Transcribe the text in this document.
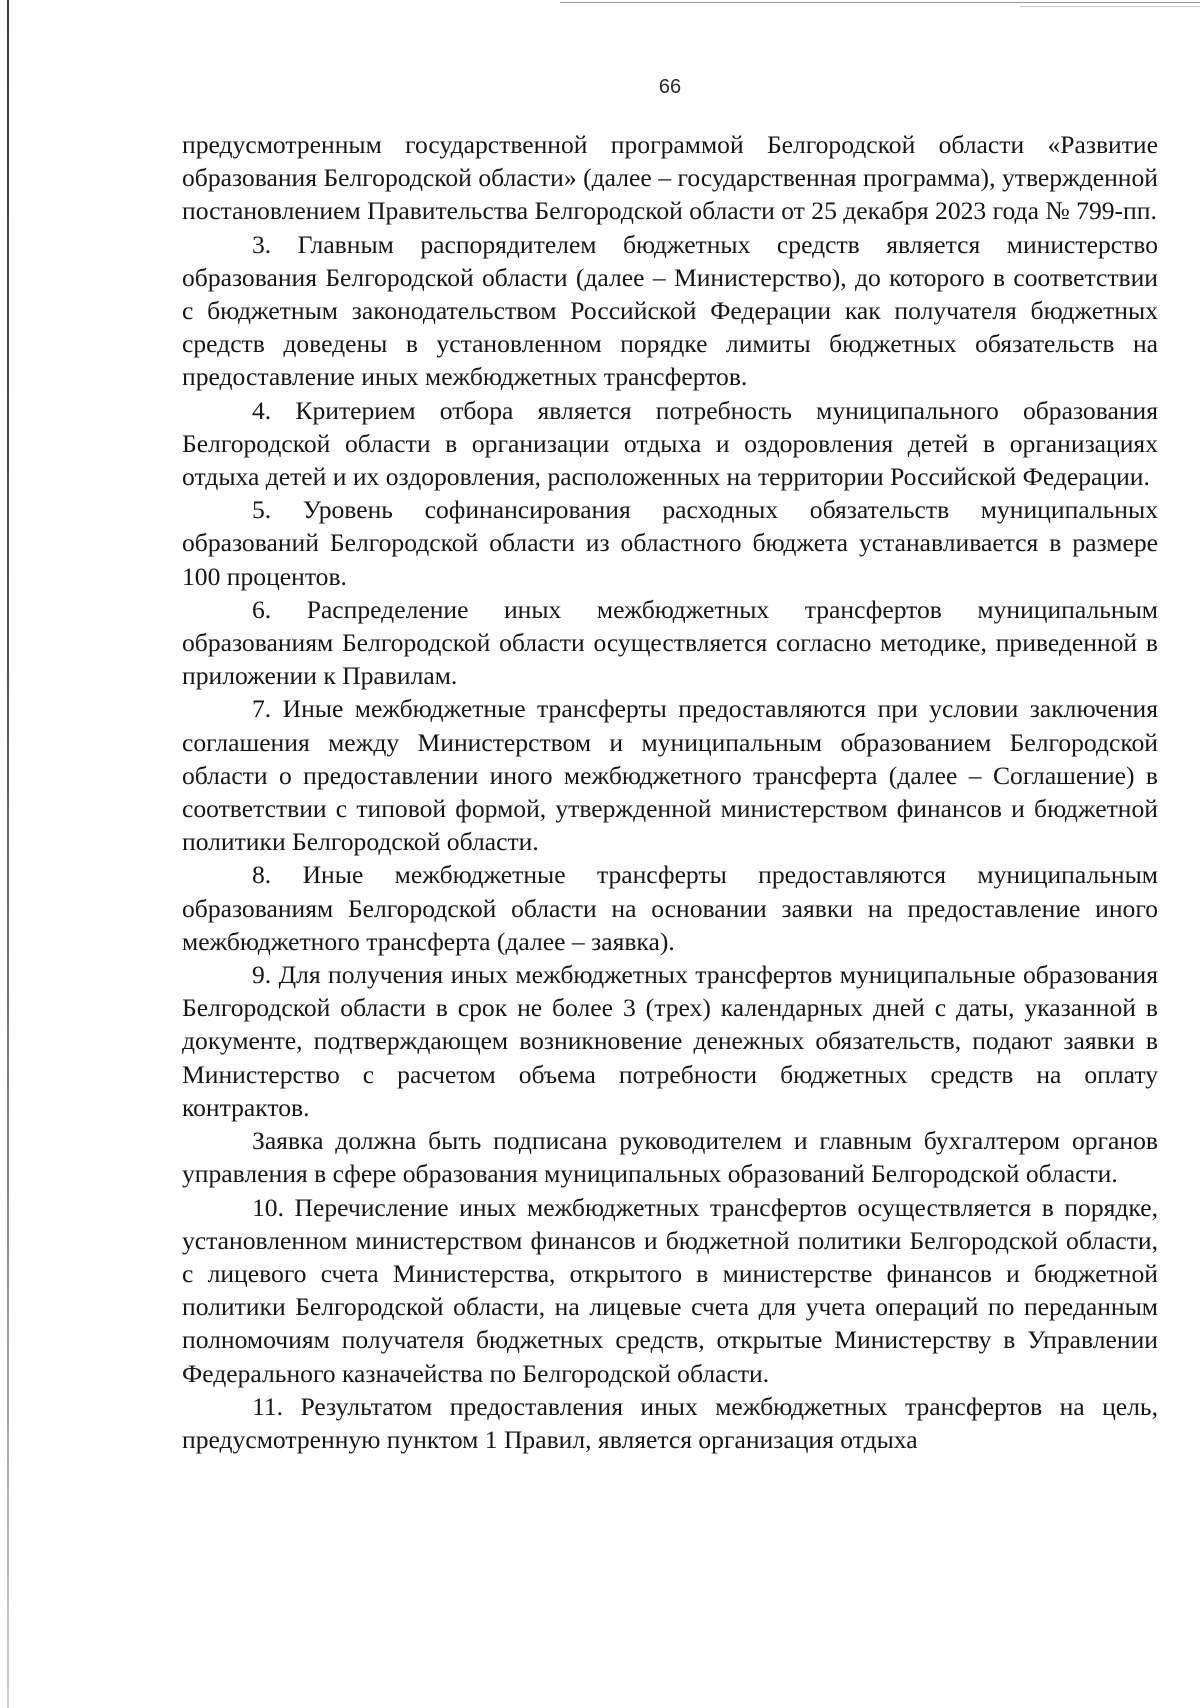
66

предусмотренным государственной программой Белгородской области «Развитие образования Белгородской области» (далее – государственная программа), утвержденной постановлением Правительства Белгородской области от 25 декабря 2023 года № 799-пп.

3. Главным распорядителем бюджетных средств является министерство образования Белгородской области (далее – Министерство), до которого в соответствии с бюджетным законодательством Российской Федерации как получателя бюджетных средств доведены в установленном порядке лимиты бюджетных обязательств на предоставление иных межбюджетных трансфертов.

4. Критерием отбора является потребность муниципального образования Белгородской области в организации отдыха и оздоровления детей в организациях отдыха детей и их оздоровления, расположенных на территории Российской Федерации.

5. Уровень софинансирования расходных обязательств муниципальных образований Белгородской области из областного бюджета устанавливается в размере 100 процентов.

6. Распределение иных межбюджетных трансфертов муниципальным образованиям Белгородской области осуществляется согласно методике, приведенной в приложении к Правилам.

7. Иные межбюджетные трансферты предоставляются при условии заключения соглашения между Министерством и муниципальным образованием Белгородской области о предоставлении иного межбюджетного трансферта (далее – Соглашение) в соответствии с типовой формой, утвержденной министерством финансов и бюджетной политики Белгородской области.

8. Иные межбюджетные трансферты предоставляются муниципальным образованиям Белгородской области на основании заявки на предоставление иного межбюджетного трансферта (далее – заявка).

9. Для получения иных межбюджетных трансфертов муниципальные образования Белгородской области в срок не более 3 (трех) календарных дней с даты, указанной в документе, подтверждающем возникновение денежных обязательств, подают заявки в Министерство с расчетом объема потребности бюджетных средств на оплату контрактов.

Заявка должна быть подписана руководителем и главным бухгалтером органов управления в сфере образования муниципальных образований Белгородской области.

10. Перечисление иных межбюджетных трансфертов осуществляется в порядке, установленном министерством финансов и бюджетной политики Белгородской области, с лицевого счета Министерства, открытого в министерстве финансов и бюджетной политики Белгородской области, на лицевые счета для учета операций по переданным полномочиям получателя бюджетных средств, открытые Министерству в Управлении Федерального казначейства по Белгородской области.

11. Результатом предоставления иных межбюджетных трансфертов на цель, предусмотренную пунктом 1 Правил, является организация отдыха
